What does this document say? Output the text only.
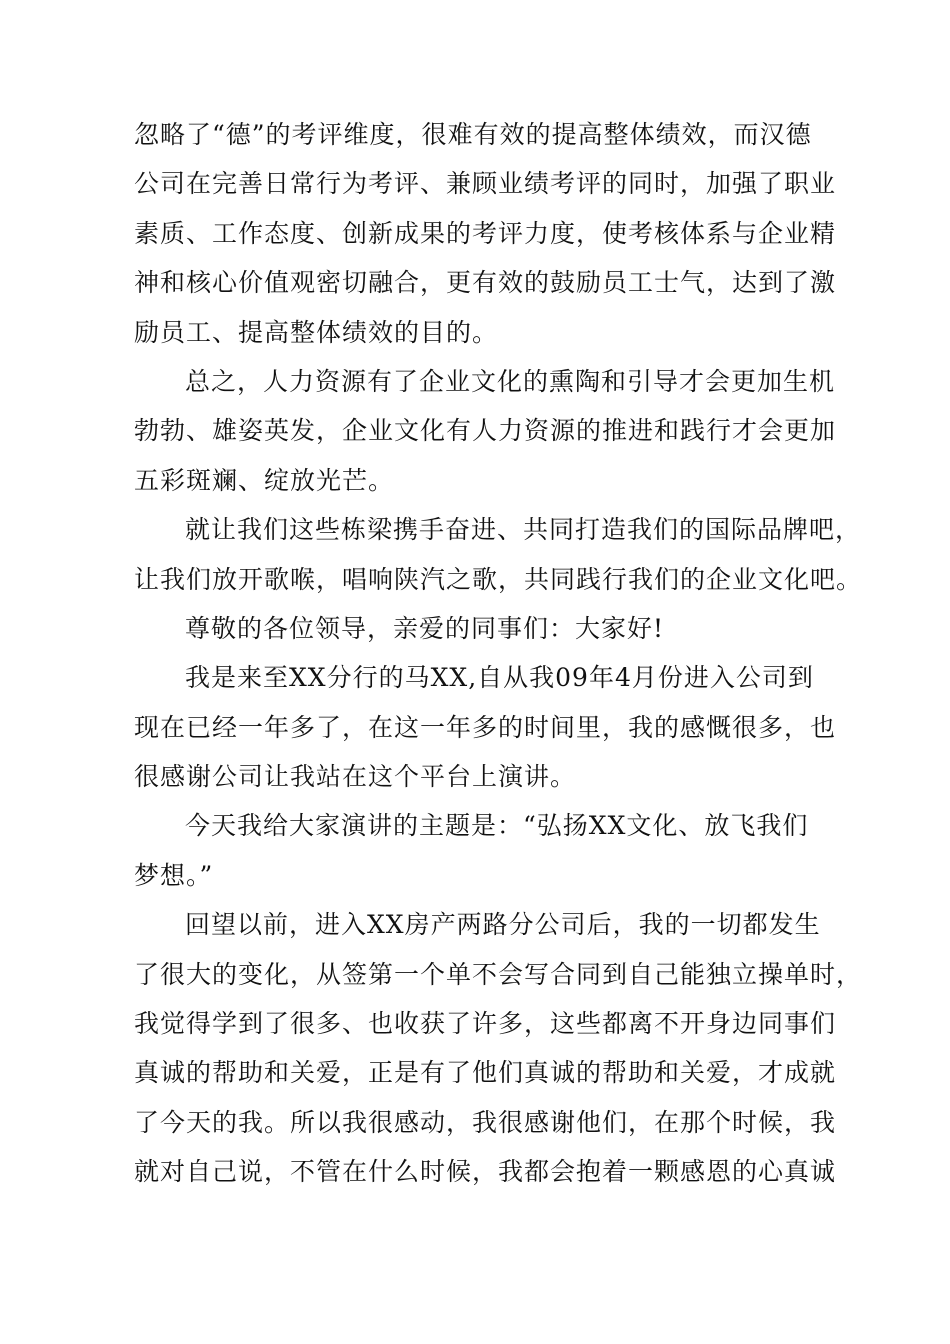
忽略了“德”的考评维度，很难有效的提高整体绩效，而汉德
公司在完善日常行为考评、兼顾业绩考评的同时，加强了职业
素质、工作态度、创新成果的考评力度，使考核体系与企业精
神和核心价值观密切融合，更有效的鼓励员工士气，达到了激
励员工、提高整体绩效的目的。
总之，人力资源有了企业文化的熏陶和引导才会更加生机
勃勃、雄姿英发，企业文化有人力资源的推进和践行才会更加
五彩斑斓、绽放光芒。
就让我们这些栋梁携手奋进、共同打造我们的国际品牌吧，
让我们放开歌喉，唱响陕汽之歌，共同践行我们的企业文化吧。
尊敬的各位领导，亲爱的同事们：大家好!
我是来至XX分行的马XX,自从我09年4月份进入公司到
现在已经一年多了，在这一年多的时间里，我的感慨很多，也
很感谢公司让我站在这个平台上演讲。
今天我给大家演讲的主题是：“弘扬XX文化、放飞我们
梦想。”
回望以前，进入XX房产两路分公司后，我的一切都发生
了很大的变化，从签第一个单不会写合同到自己能独立操单时，
我觉得学到了很多、也收获了许多，这些都离不开身边同事们
真诚的帮助和关爱，正是有了他们真诚的帮助和关爱，才成就
了今天的我。所以我很感动，我很感谢他们，在那个时候，我
就对自己说，不管在什么时候，我都会抱着一颗感恩的心真诚
